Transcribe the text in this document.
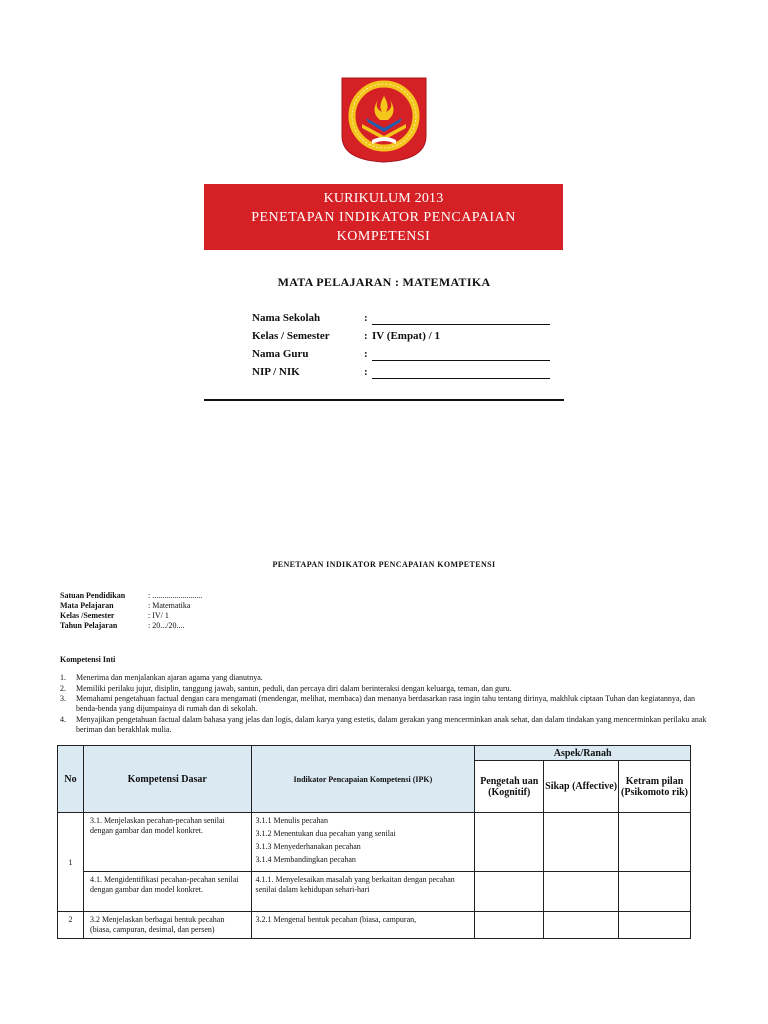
KURIKULUM 2013
PENETAPAN INDIKATOR PENCAPAIAN
KOMPETENSI
MATA PELAJARAN : MATEMATIKA
Nama Sekolah	:
Kelas / Semester	: IV (Empat) / 1
Nama Guru	:
NIP / NIK	:
PENETAPAN INDIKATOR PENCAPAIAN KOMPETENSI
Satuan Pendidikan	: .........................
Mata Pelajaran	: Matematika
Kelas /Semester	: IV/ 1
Tahun Pelajaran	: 20.../20....
Kompetensi Inti
1. Menerima dan menjalankan ajaran agama yang dianutnya.
2. Memiliki perilaku jujur, disiplin, tanggung jawab, santun, peduli, dan percaya diri dalam berinteraksi dengan keluarga, teman, dan guru.
3. Memahami pengetahuan factual dengan cara mengamati (mendengar, melihat, membaca) dan menanya berdasarkan rasa ingin tahu tentang dirinya, makhluk ciptaan Tuhan dan kegiatannya, dan benda-benda yang dijumpainya di rumah dan di sekolah.
4. Menyajikan pengetahuan factual dalam bahasa yang jelas dan logis, dalam karya yang estetis, dalam gerakan yang mencerminkan anak sehat, dan dalam tindakan yang mencerminkan perilaku anak beriman dan berakhlak mulia.
No	Kompetensi Dasar	Indikator Pencapaian Kompetensi (IPK)	Aspek/Ranah		
			Pengetah uan (Kognitif)	Sikap (Affective)	Ketram pilan (Psikomoto rik)
1	3.1. Menjelaskan pecahan-pecahan senilai dengan gambar dan model konkret.	3.1.1 Menulis pecahan
3.1.2 Menentukan dua pecahan yang senilai
3.1.3 Menyederhanakan pecahan
3.1.4 Membandingkan pecahan			

	4.1. Mengidentifikasi pecahan-pecahan senilai dengan gambar dan model konkret.	4.1.1. Menyelesaikan masalah yang berkaitan dengan pecahan senilai dalam kehidupan sehari-hari			

2	3.2 Menjelaskan berbagai bentuk pecahan (biasa, campuran, desimal, dan persen)	3.2.1 Mengenal bentuk pecahan (biasa, campuran,			
